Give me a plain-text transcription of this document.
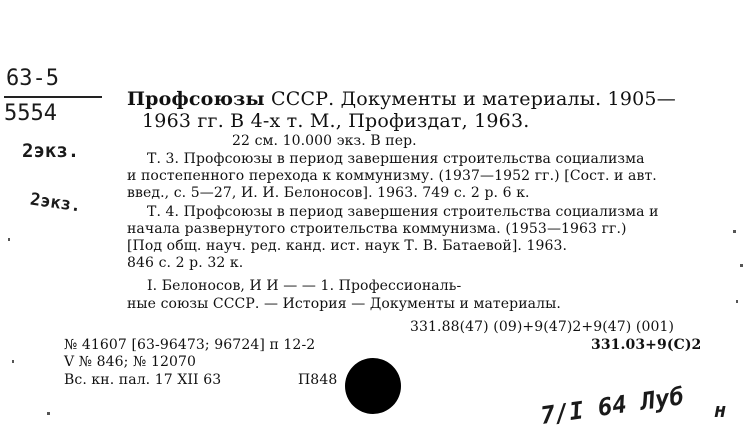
63-5
5554
2экз.
2экз.
Профсоюзы СССР. Документы и материалы. 1905—
1963 гг. В 4-х т. М., Профиздат, 1963.
22 см. 10.000 экз. В пер.
Т. 3. Профсоюзы в период завершения строительства социализма
и постепенного перехода к коммунизму. (1937—1952 гг.) [Сост. и авт.
введ., с. 5—27, И. И. Белоносов]. 1963. 749 с. 2 р. 6 к.
Т. 4. Профсоюзы в период завершения строительства социализма и
начала развернутого строительства коммунизма. (1953—1963 гг.)
[Под общ. науч. ред. канд. ист. наук Т. В. Батаевой]. 1963.
846 с. 2 р. 32 к.
I. Белоносов, И И — — 1. Профессиональ-
ные союзы СССР. — История — Документы и материалы.
331.88(47) (09)+9(47)2+9(47) (001)
331.03+9(С)2
№ 41607 [63-96473; 96724] п 12-2
V № 846; № 12070
Вс. кн. пал. 17 XII 63	П848
7/I 64 Луб н
